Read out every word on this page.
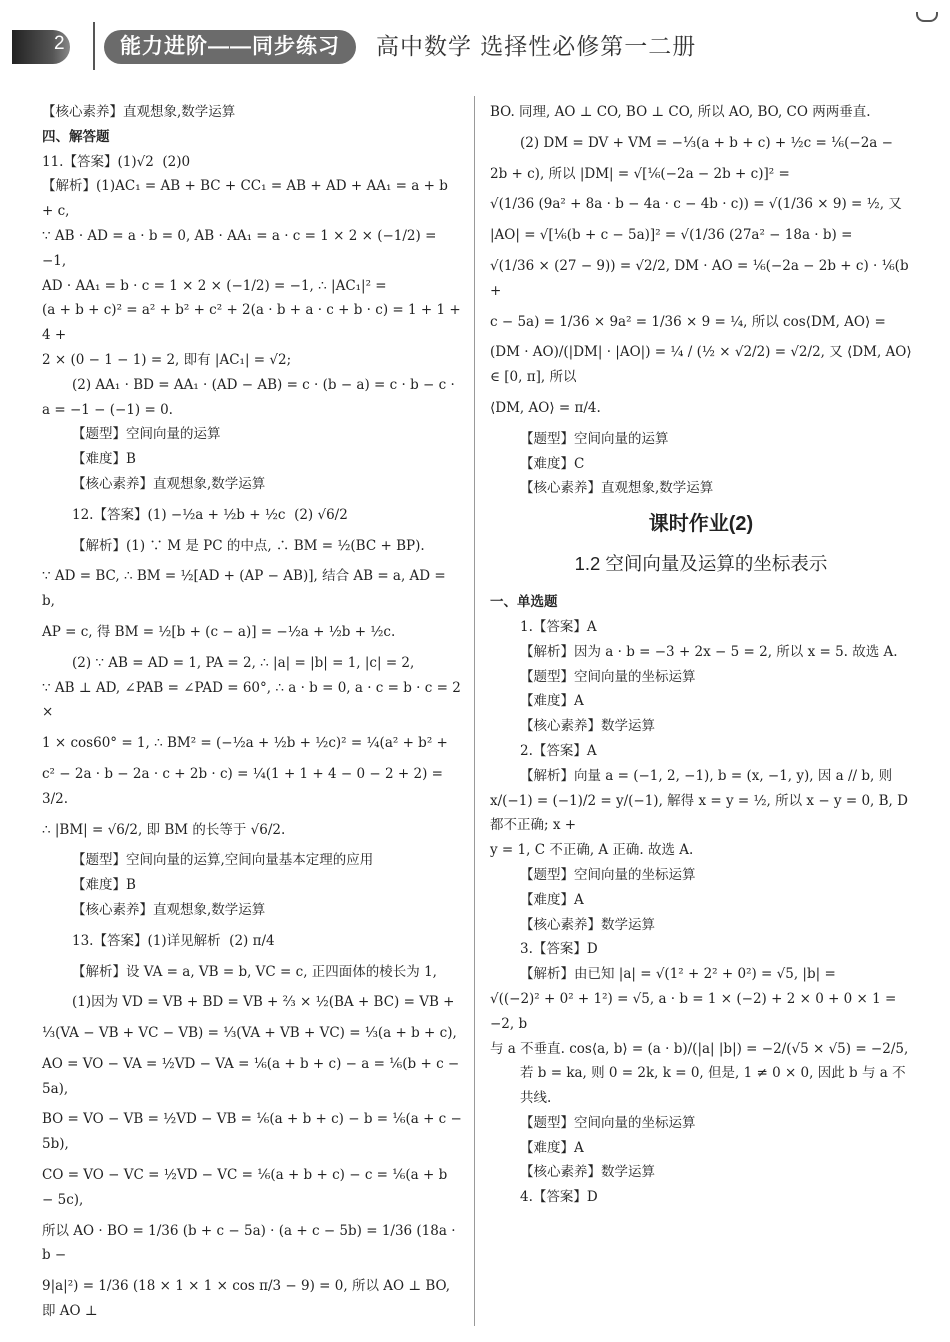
2	能力进阶——同步练习	高中数学 选择性必修第一二册

【核心素养】直观想象,数学运算

四、解答题

11.【答案】(1)√2  (2)0

【解析】(1)AC₁ = AB + BC + CC₁ = AB + AD + AA₁ = a + b + c,

∵ AB · AD = a · b = 0, AB · AA₁ = a · c = 1 × 2 × (−1/2) = −1,

AD · AA₁ = b · c = 1 × 2 × (−1/2) = −1, ∴ |AC₁|² =

(a + b + c)² = a² + b² + c² + 2(a · b + a · c + b · c) = 1 + 1 + 4 +

2 × (0 − 1 − 1) = 2, 即有 |AC₁| = √2;

(2) AA₁ · BD = AA₁ · (AD − AB) = c · (b − a) = c · b − c ·

a = −1 − (−1) = 0.

【题型】空间向量的运算

【难度】B

【核心素养】直观想象,数学运算

12.【答案】(1) −½a + ½b + ½c  (2) √6/2

【解析】(1) ∵ M 是 PC 的中点, ∴ BM = ½(BC + BP).

∵ AD = BC, ∴ BM = ½[AD + (AP − AB)], 结合 AB = a, AD = b,

AP = c, 得 BM = ½[b + (c − a)] = −½a + ½b + ½c.

(2) ∵ AB = AD = 1, PA = 2, ∴ |a| = |b| = 1, |c| = 2,

∵ AB ⊥ AD, ∠PAB = ∠PAD = 60°, ∴ a · b = 0, a · c = b · c = 2 ×

1 × cos60° = 1, ∴ BM² = (−½a + ½b + ½c)² = ¼(a² + b² +

c² − 2a · b − 2a · c + 2b · c) = ¼(1 + 1 + 4 − 0 − 2 + 2) = 3/2.

∴ |BM| = √6/2, 即 BM 的长等于 √6/2.

【题型】空间向量的运算,空间向量基本定理的应用

【难度】B

【核心素养】直观想象,数学运算

13.【答案】(1)详见解析  (2) π/4

【解析】设 VA = a, VB = b, VC = c, 正四面体的棱长为 1,

(1)因为 VD = VB + BD = VB + ⅔ × ½(BA + BC) = VB +

⅓(VA − VB + VC − VB) = ⅓(VA + VB + VC) = ⅓(a + b + c),

AO = VO − VA = ½VD − VA = ⅙(a + b + c) − a = ⅙(b + c − 5a),

BO = VO − VB = ½VD − VB = ⅙(a + b + c) − b = ⅙(a + c − 5b),

CO = VO − VC = ½VD − VC = ⅙(a + b + c) − c = ⅙(a + b − 5c),

所以 AO · BO = 1/36 (b + c − 5a) · (a + c − 5b) = 1/36 (18a · b −

9|a|²) = 1/36 (18 × 1 × 1 × cos π/3 − 9) = 0, 所以 AO ⊥ BO, 即 AO ⊥

BO. 同理, AO ⊥ CO, BO ⊥ CO, 所以 AO, BO, CO 两两垂直.

(2) DM = DV + VM = −⅓(a + b + c) + ½c = ⅙(−2a −

2b + c), 所以 |DM| = √[⅙(−2a − 2b + c)]² =

√(1/36 (9a² + 8a · b − 4a · c − 4b · c)) = √(1/36 × 9) = ½, 又

|AO| = √[⅙(b + c − 5a)]² = √(1/36 (27a² − 18a · b) =

√(1/36 × (27 − 9)) = √2/2, DM · AO = ⅙(−2a − 2b + c) · ⅙(b +

c − 5a) = 1/36 × 9a² = 1/36 × 9 = ¼, 所以 cos⟨DM, AO⟩ =

(DM · AO)/(|DM| · |AO|) = ¼ / (½ × √2/2) = √2/2, 又 ⟨DM, AO⟩ ∈ [0, π], 所以

⟨DM, AO⟩ = π/4.

【题型】空间向量的运算

【难度】C

【核心素养】直观想象,数学运算

课时作业(2)
1.2 空间向量及运算的坐标表示

一、单选题

1.【答案】A

【解析】因为 a · b = −3 + 2x − 5 = 2, 所以 x = 5. 故选 A.

【题型】空间向量的坐标运算

【难度】A

【核心素养】数学运算

2.【答案】A

【解析】向量 a = (−1, 2, −1), b = (x, −1, y), 因 a // b, 则

x/(−1) = (−1)/2 = y/(−1), 解得 x = y = ½, 所以 x − y = 0, B, D 都不正确; x +

y = 1, C 不正确, A 正确. 故选 A.

【题型】空间向量的坐标运算

【难度】A

【核心素养】数学运算

3.【答案】D

【解析】由已知 |a| = √(1² + 2² + 0²) = √5, |b| =

√((−2)² + 0² + 1²) = √5, a · b = 1 × (−2) + 2 × 0 + 0 × 1 = −2, b

与 a 不垂直. cos⟨a, b⟩ = (a · b)/(|a| |b|) = −2/(√5 × √5) = −2/5,

若 b = ka, 则 0 = 2k, k = 0, 但是, 1 ≠ 0 × 0, 因此 b 与 a 不共线.

【题型】空间向量的坐标运算

【难度】A

【核心素养】数学运算

4.【答案】D
